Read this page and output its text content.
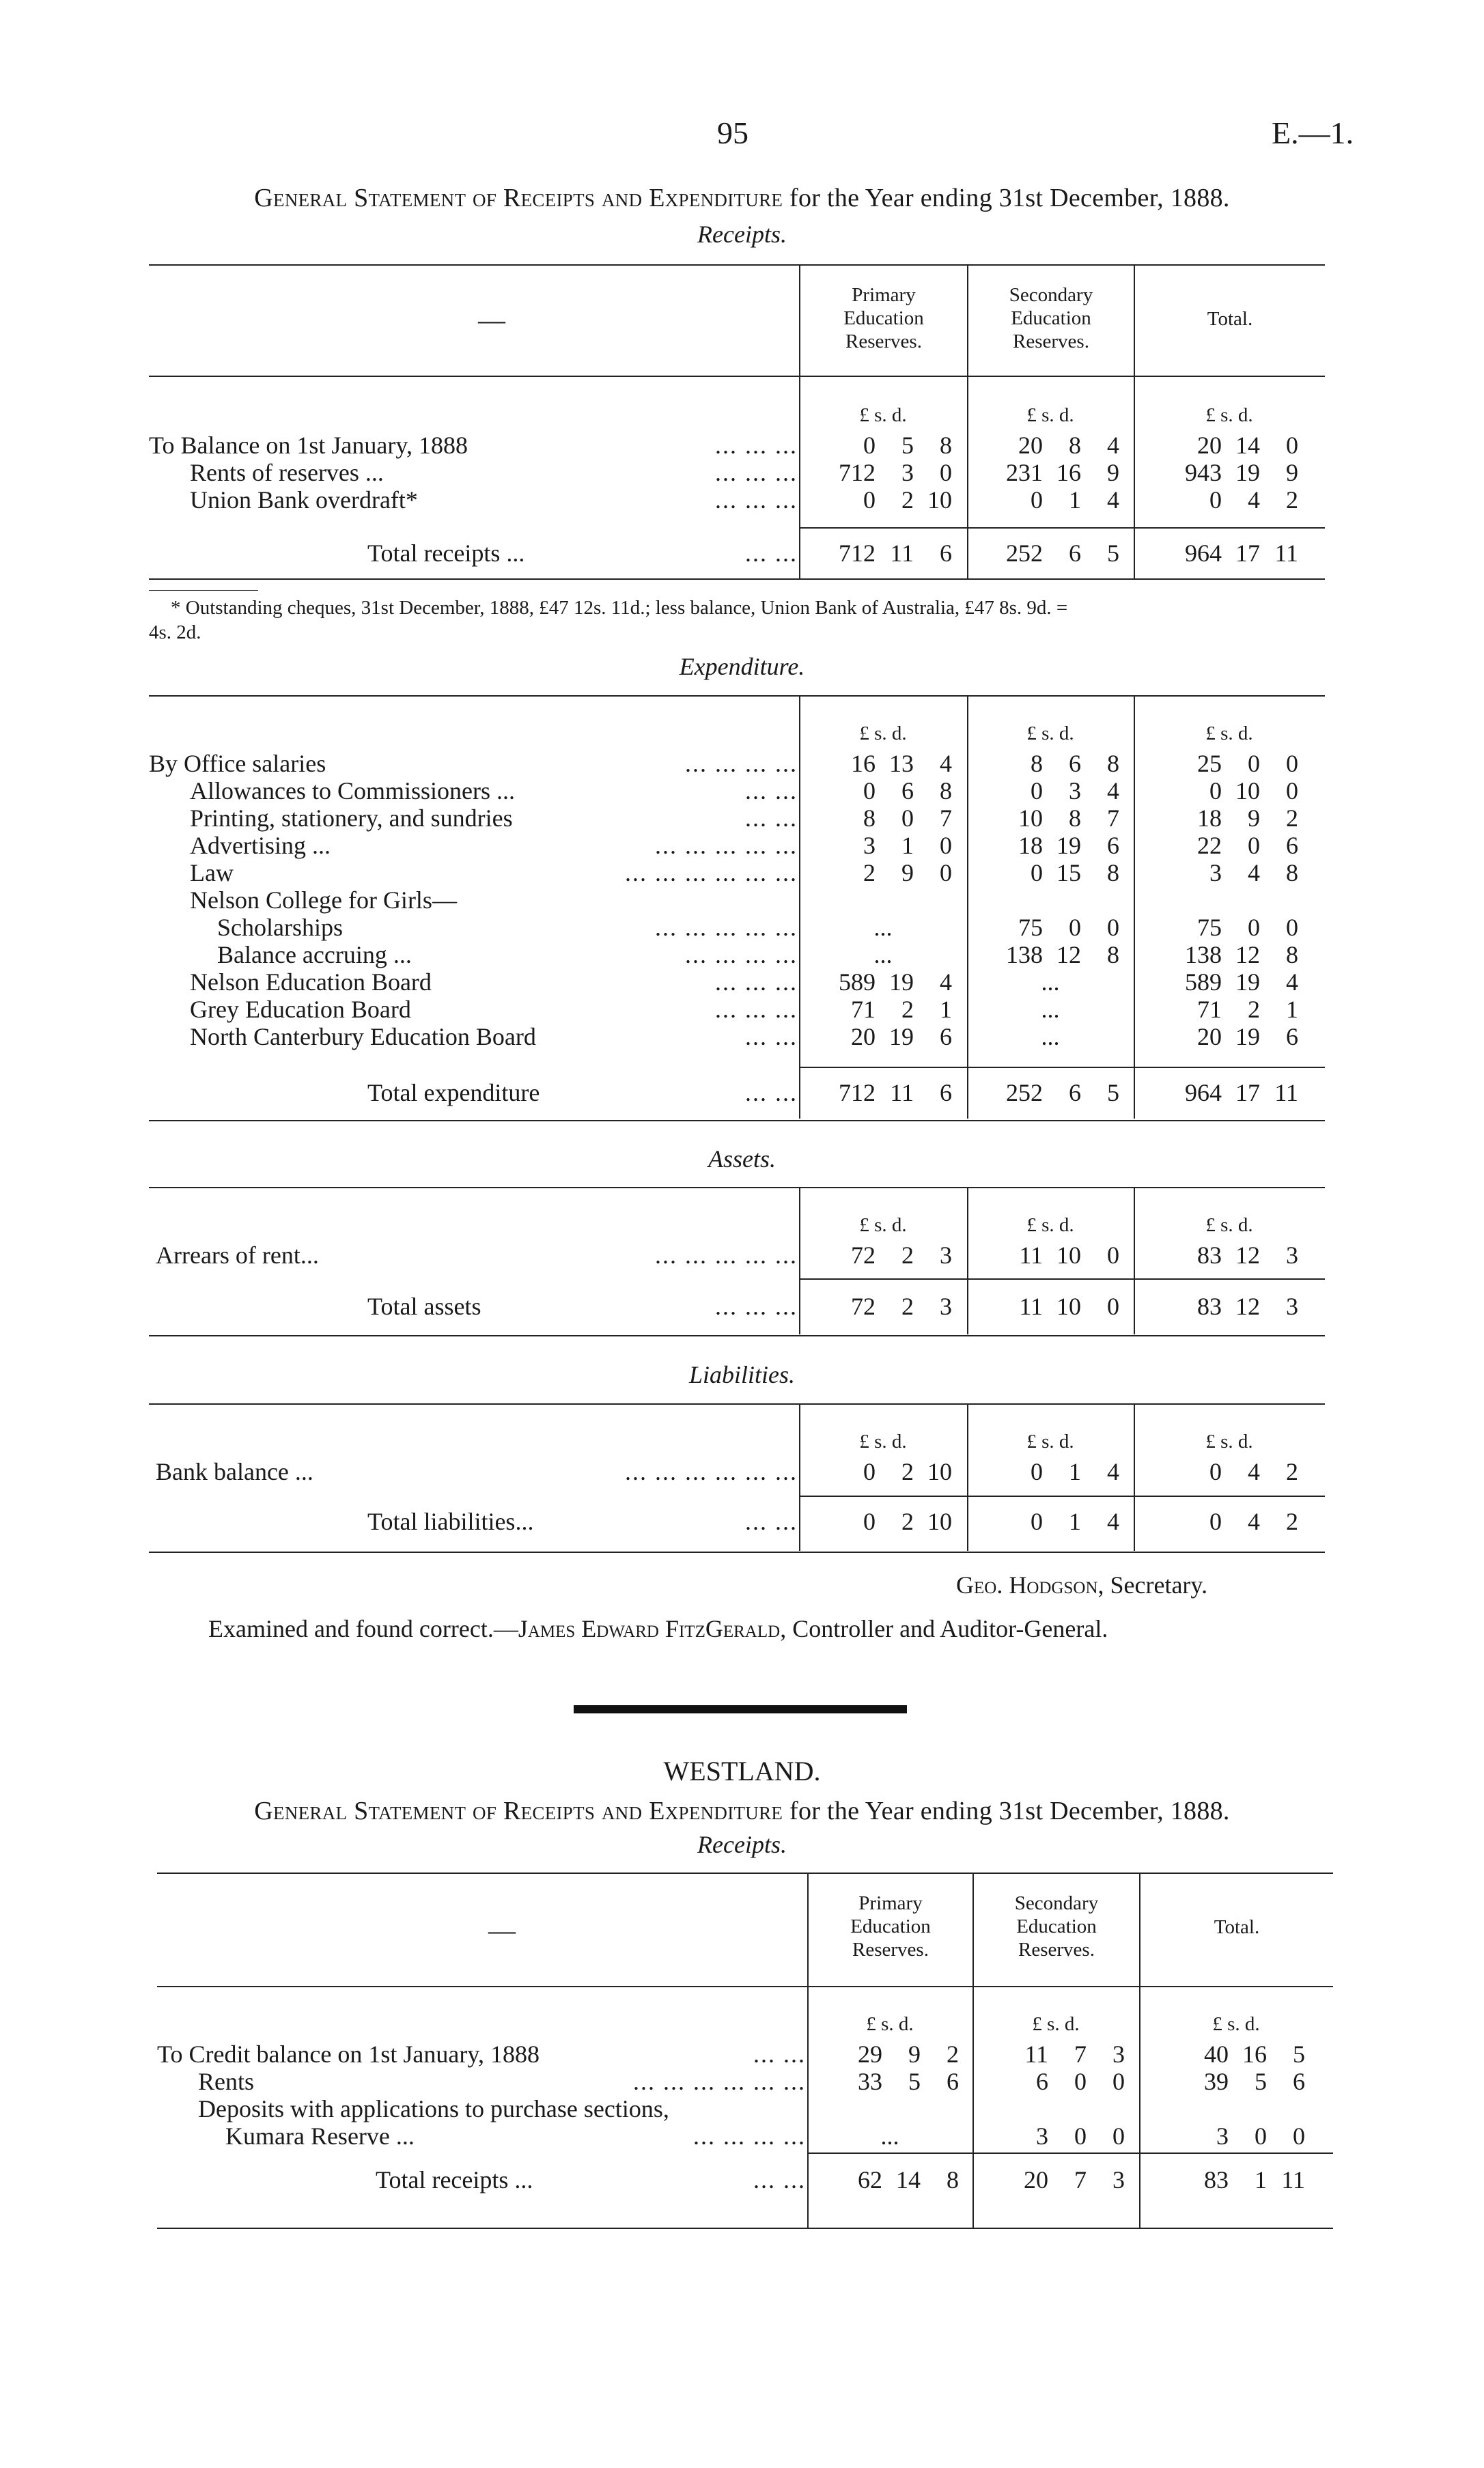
95	E.—1.
General Statement of Receipts and Expenditure for the Year ending 31st December, 1888.
Receipts.
—
Primary
Education
Reserves.
Secondary
Education
Reserves.
Total.
£ s. d.	£ s. d.	£ s. d.
To Balance on 1st January, 1888	... ... ...	0 5 8	20 8 4	20 14 0
Rents of reserves ...	... ... ...	712 3 0	231 16 9	943 19 9
Union Bank overdraft*	... ... ...	0 2 10	0 1 4	0 4 2
Total receipts ...	... ...	712 11 6	252 6 5	964 17 11
* Outstanding cheques, 31st December, 1888, £47 12s. 11d.; less balance, Union Bank of Australia, £47 8s. 9d. =
4s. 2d.
Expenditure.
£ s. d.	£ s. d.	£ s. d.
By Office salaries	... ... ... ...	16 13 4	8 6 8	25 0 0
Allowances to Commissioners ...	... ...	0 6 8	0 3 4	0 10 0
Printing, stationery, and sundries	... ...	8 0 7	10 8 7	18 9 2
Advertising ...	... ... ... ... ...	3 1 0	18 19 6	22 0 6
Law	... ... ... ... ... ...	2 9 0	0 15 8	3 4 8
Nelson College for Girls—
Scholarships	... ... ... ... ...	...	75 0 0	75 0 0
Balance accruing ...	... ... ... ...	...	138 12 8	138 12 8
Nelson Education Board	... ... ...	589 19 4	...	589 19 4
Grey Education Board	... ... ...	71 2 1	...	71 2 1
North Canterbury Education Board	... ...	20 19 6	...	20 19 6
Total expenditure	... ...	712 11 6	252 6 5	964 17 11
Assets.
£ s. d.	£ s. d.	£ s. d.
Arrears of rent...	... ... ... ... ...	72 2 3	11 10 0	83 12 3
Total assets	... ... ...	72 2 3	11 10 0	83 12 3
Liabilities.
£ s. d.	£ s. d.	£ s. d.
Bank balance ...	... ... ... ... ... ...	0 2 10	0 1 4	0 4 2
Total liabilities...	... ...	0 2 10	0 1 4	0 4 2
Geo. Hodgson, Secretary.
Examined and found correct.—James Edward FitzGerald, Controller and Auditor-General.
WESTLAND.
General Statement of Receipts and Expenditure for the Year ending 31st December, 1888.
Receipts.
—
Primary
Education
Reserves.
Secondary
Education
Reserves.
Total.
£ s. d.	£ s. d.	£ s. d.
To Credit balance on 1st January, 1888	... ...	29 9 2	11 7 3	40 16 5
Rents	... ... ... ... ... ...	33 5 6	6 0 0	39 5 6
Deposits with applications to purchase sections,
Kumara Reserve ...	... ... ... ...	...	3 0 0	3 0 0
Total receipts ...	... ...	62 14 8	20 7 3	83 1 11
